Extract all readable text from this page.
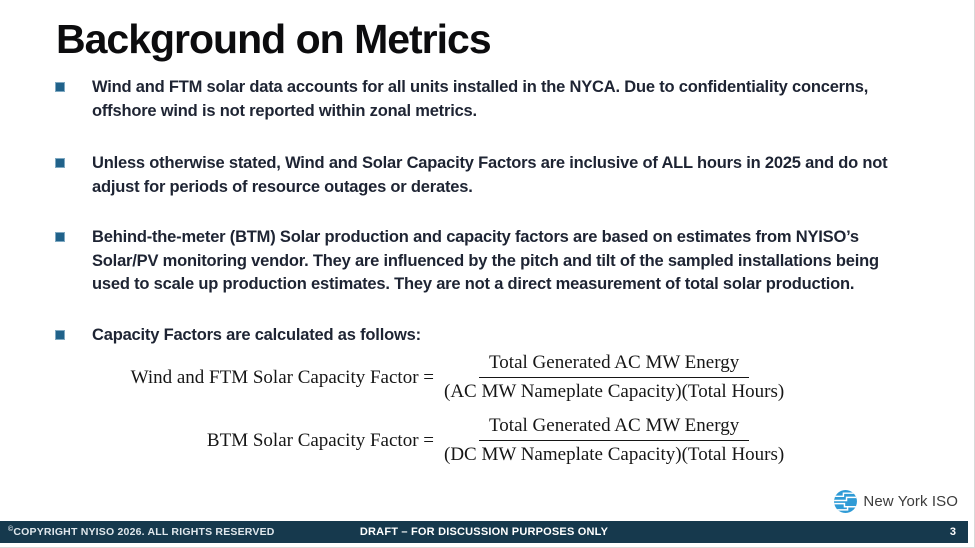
Background on Metrics
Wind and FTM solar data accounts for all units installed in the NYCA. Due to confidentiality concerns, offshore wind is not reported within zonal metrics.
Unless otherwise stated, Wind and Solar Capacity Factors are inclusive of ALL hours in 2025 and do not adjust for periods of resource outages or derates.
Behind-the-meter (BTM) Solar production and capacity factors are based on estimates from NYISO’s Solar/PV monitoring vendor. They are influenced by the pitch and tilt of the sampled installations being used to scale up production estimates. They are not a direct measurement of total solar production.
Capacity Factors are calculated as follows:
Wind and FTM Solar Capacity Factor = $\frac{\text{Total Generated AC MW Energy}}{\text{(AC MW Nameplate Capacity)(Total Hours)}}$
BTM Solar Capacity Factor = $\frac{\text{Total Generated AC MW Energy}}{\text{(DC MW Nameplate Capacity)(Total Hours)}}$
New York ISO
©COPYRIGHT NYISO 2026. ALL RIGHTS RESERVED	DRAFT – FOR DISCUSSION PURPOSES ONLY	3
